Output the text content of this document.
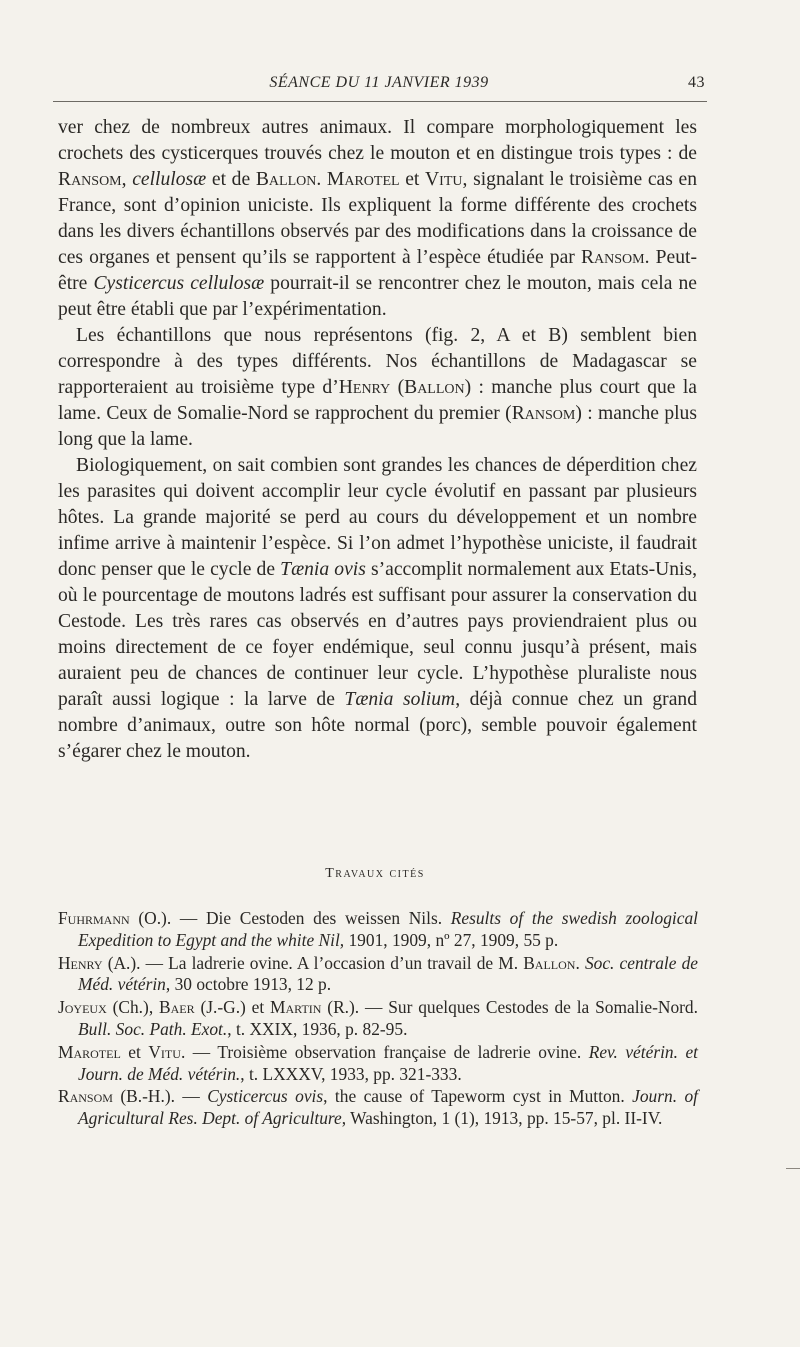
SÉANCE DU 11 JANVIER 1939	43

ver chez de nombreux autres animaux. Il compare morphologiquement les crochets des cysticerques trouvés chez le mouton et en distingue trois types : de Ransom, cellulosæ et de Ballon. Marotel et Vitu, signalant le troisième cas en France, sont d’opinion uniciste. Ils expliquent la forme différente des crochets dans les divers échantillons observés par des modifications dans la croissance de ces organes et pensent qu’ils se rapportent à l’espèce étudiée par Ransom. Peut-être Cysticercus cellulosæ pourrait-il se rencontrer chez le mouton, mais cela ne peut être établi que par l’expérimentation.

Les échantillons que nous représentons (fig. 2, A et B) semblent bien correspondre à des types différents. Nos échantillons de Madagascar se rapporteraient au troisième type d’Henry (Ballon) : manche plus court que la lame. Ceux de Somalie-Nord se rapprochent du premier (Ransom) : manche plus long que la lame.

Biologiquement, on sait combien sont grandes les chances de déperdition chez les parasites qui doivent accomplir leur cycle évolutif en passant par plusieurs hôtes. La grande majorité se perd au cours du développement et un nombre infime arrive à maintenir l’espèce. Si l’on admet l’hypothèse uniciste, il faudrait donc penser que le cycle de Tænia ovis s’accomplit normalement aux Etats-Unis, où le pourcentage de moutons ladrés est suffisant pour assurer la conservation du Cestode. Les très rares cas observés en d’autres pays proviendraient plus ou moins directement de ce foyer endémique, seul connu jusqu’à présent, mais auraient peu de chances de continuer leur cycle. L’hypothèse pluraliste nous paraît aussi logique : la larve de Tænia solium, déjà connue chez un grand nombre d’animaux, outre son hôte normal (porc), semble pouvoir également s’égarer chez le mouton.

Travaux cités
Fuhrmann (O.). — Die Cestoden des weissen Nils. Results of the swedish zoological Expedition to Egypt and the white Nil, 1901, 1909, nº 27, 1909, 55 p.
Henry (A.). — La ladrerie ovine. A l’occasion d’un travail de M. Ballon. Soc. centrale de Méd. vétérin, 30 octobre 1913, 12 p.
Joyeux (Ch.), Baer (J.-G.) et Martin (R.). — Sur quelques Cestodes de la Somalie-Nord. Bull. Soc. Path. Exot., t. XXIX, 1936, p. 82-95.
Marotel et Vitu. — Troisième observation française de ladrerie ovine. Rev. vétérin. et Journ. de Méd. vétérin., t. LXXXV, 1933, pp. 321-333.
Ransom (B.-H.). — Cysticercus ovis, the cause of Tapeworm cyst in Mutton. Journ. of Agricultural Res. Dept. of Agriculture, Washington, 1 (1), 1913, pp. 15-57, pl. II-IV.
